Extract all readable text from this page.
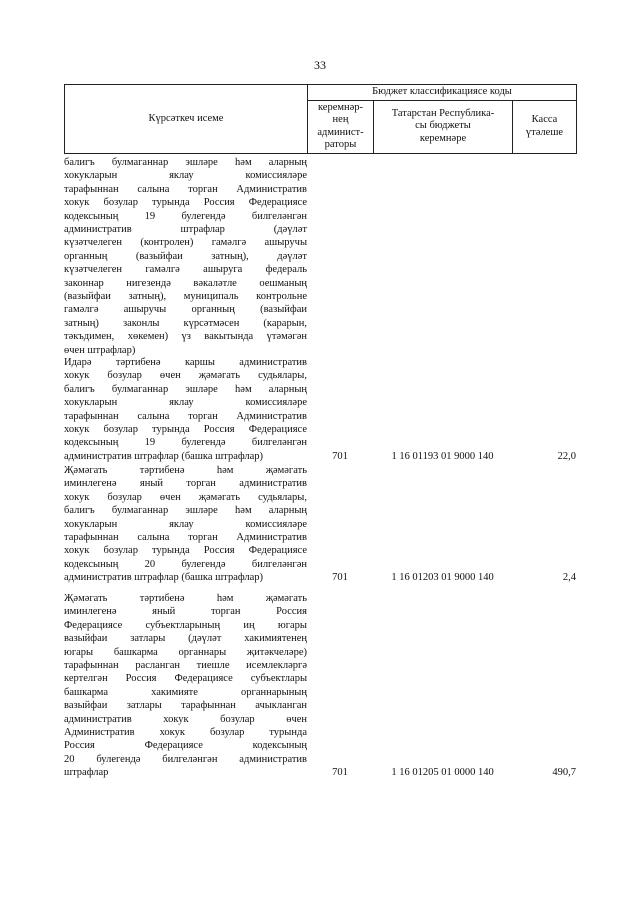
33
Күрсәткеч исеме	Бюджет классификациясе коды		
	керемнәр-
нең
админист-
раторы	Татарстан Республика-
сы бюджеты
керемнәре	Касса
үтәлеше
балигъ булмаганнар эшләре һәм аларның
хокукларын яклау комиссияләре
тарафыннан салына торган Административ
хокук бозулар турында Россия Федерациясе
кодексының 19 булегендә билгеләнгән
административ штрафлар (дәүләт
күзәтчелеген (контролен) гамәлгә ашыручы
органның (вазыйфаи затның), дәүләт
күзәтчелеген гамәлгә ашыруга федераль
законнар нигезендә вәкаләтле оешманың
(вазыйфаи затның), муниципаль контрольне
гамәлгә ашыручы органның (вазыйфаи
затның) законлы күрсәтмәсен (карарын,
тәкъдимен, хөкемен) үз вакытында үтәмәгән
өчен штрафлар)
Идарә тәртибенә каршы административ
хокук бозулар өчен җәмәгать судьялары,
балигъ булмаганнар эшләре һәм аларның
хокукларын яклау комиссияләре
тарафыннан салына торган Административ
хокук бозулар турында Россия Федерациясе
кодексының 19 булегендә билгеләнгән
административ штрафлар (башка штрафлар)	701	1 16 01193 01 9000 140	22,0
Җәмәгать тәртибенә һәм җәмәгать
иминлегенә яный торган административ
хокук бозулар өчен җәмәгать судьялары,
балигъ булмаганнар эшләре һәм аларның
хокукларын яклау комиссияләре
тарафыннан салына торган Административ
хокук бозулар турында Россия Федерациясе
кодексының 20 булегендә билгеләнгән
административ штрафлар (башка штрафлар)	701	1 16 01203 01 9000 140	2,4
Җәмәгать тәртибенә һәм җәмәгать
иминлегенә яный торган Россия
Федерациясе субъектларының иң югары
вазыйфаи затлары (дәүләт хакимиятенең
югары башкарма органнары җитәкчеләре)
тарафыннан расланган тиешле исемлекләргә
кертелгән Россия Федерациясе субъектлары
башкарма хакимияте органнарының
вазыйфаи затлары тарафыннан ачыкланган
административ хокук бозулар өчен
Административ хокук бозулар турында
Россия Федерациясе кодексының
20 булегендә билгеләнгән административ
штрафлар	701	1 16 01205 01 0000 140	490,7
